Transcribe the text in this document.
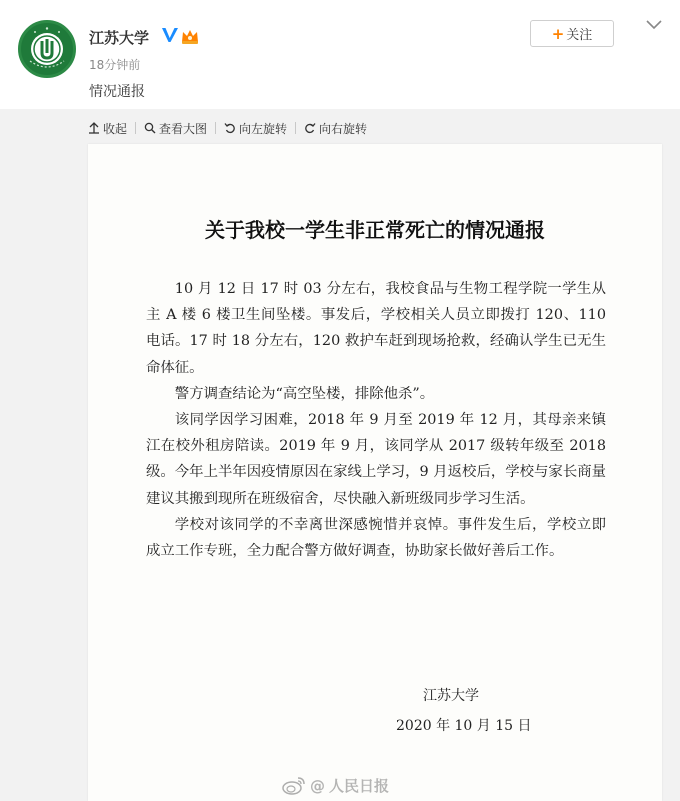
江苏大学
18分钟前
情况通报
+ 关注
收起	查看大图	向左旋转	向右旋转
关于我校一学生非正常死亡的情况通报

10 月 12 日 17 时 03 分左右，我校食品与生物工程学院一学生从主 A 楼 6 楼卫生间坠楼。事发后，学校相关人员立即拨打 120、110 电话。17 时 18 分左右，120 救护车赶到现场抢救，经确认学生已无生命体征。

警方调查结论为“高空坠楼，排除他杀”。

该同学因学习困难，2018 年 9 月至 2019 年 12 月，其母亲来镇江在校外租房陪读。2019 年 9 月，该同学从 2017 级转年级至 2018 级。今年上半年因疫情原因在家线上学习，9 月返校后，学校与家长商量建议其搬到现所在班级宿舍，尽快融入新班级同步学习生活。

学校对该同学的不幸离世深感惋惜并哀悼。事件发生后，学校立即成立工作专班，全力配合警方做好调查，协助家长做好善后工作。

江苏大学
2020 年 10 月 15 日
@ 人民日报
